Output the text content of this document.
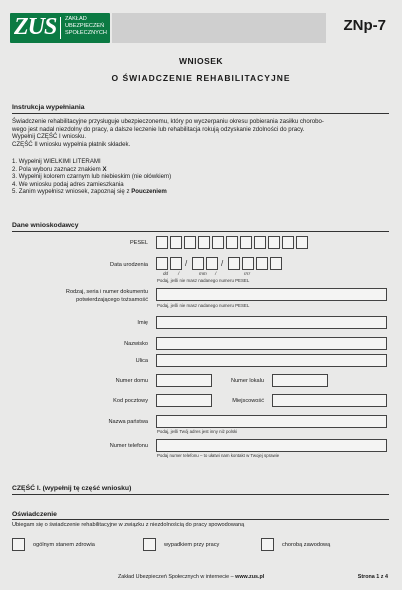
ZUS ZAKŁAD
UBEZPIECZEŃ
SPOŁECZNYCH	ZNp-7
WNIOSEK
O ŚWIADCZENIE REHABILITACYJNE
Instrukcja wypełniania
Świadczenie rehabilitacyjne przysługuje ubezpieczonemu, który po wyczerpaniu okresu pobierania zasiłku chorobo-
wego jest nadal niezdolny do pracy, a dalsze leczenie lub rehabilitacja rokują odzyskanie zdolności do pracy.
Wypełnij CZĘŚĆ I wniosku.
CZĘŚĆ II wniosku wypełnia płatnik składek.
1. Wypełnij WIELKIMI LITERAMI
2. Pola wyboru zaznacz znakiem X
3. Wypełnij kolorem czarnym lub niebieskim (nie ołówkiem)
4. We wniosku podaj adres zamieszkania
5. Zanim wypełnisz wniosek, zapoznaj się z Pouczeniem
Dane wnioskodawcy
PESEL
Data urodzenia	/	/
dd /	mm /	rrrr
Podaj, jeśli nie masz nadanego numeru PESEL
Rodzaj, seria i numer dokumentu
potwierdzającego tożsamość
Podaj, jeśli nie masz nadanego numeru PESEL
Imię
Nazwisko
Ulica
Numer domu	Numer lokalu
Kod pocztowy	Miejscowość
Nazwa państwa
Podaj, jeśli Twój adres jest inny niż polski
Numer telefonu
Podaj numer telefonu – to ułatwi nam kontakt w Twojej sprawie
CZĘŚĆ I. (wypełnij tę część wniosku)
Oświadczenie
Ubiegam się o świadczenie rehabilitacyjne w związku z niezdolnością do pracy spowodowaną
ogólnym stanem zdrowia	wypadkiem przy pracy	chorobą zawodową
Zakład Ubezpieczeń Społecznych w internecie – www.zus.pl	Strona 1 z 4
